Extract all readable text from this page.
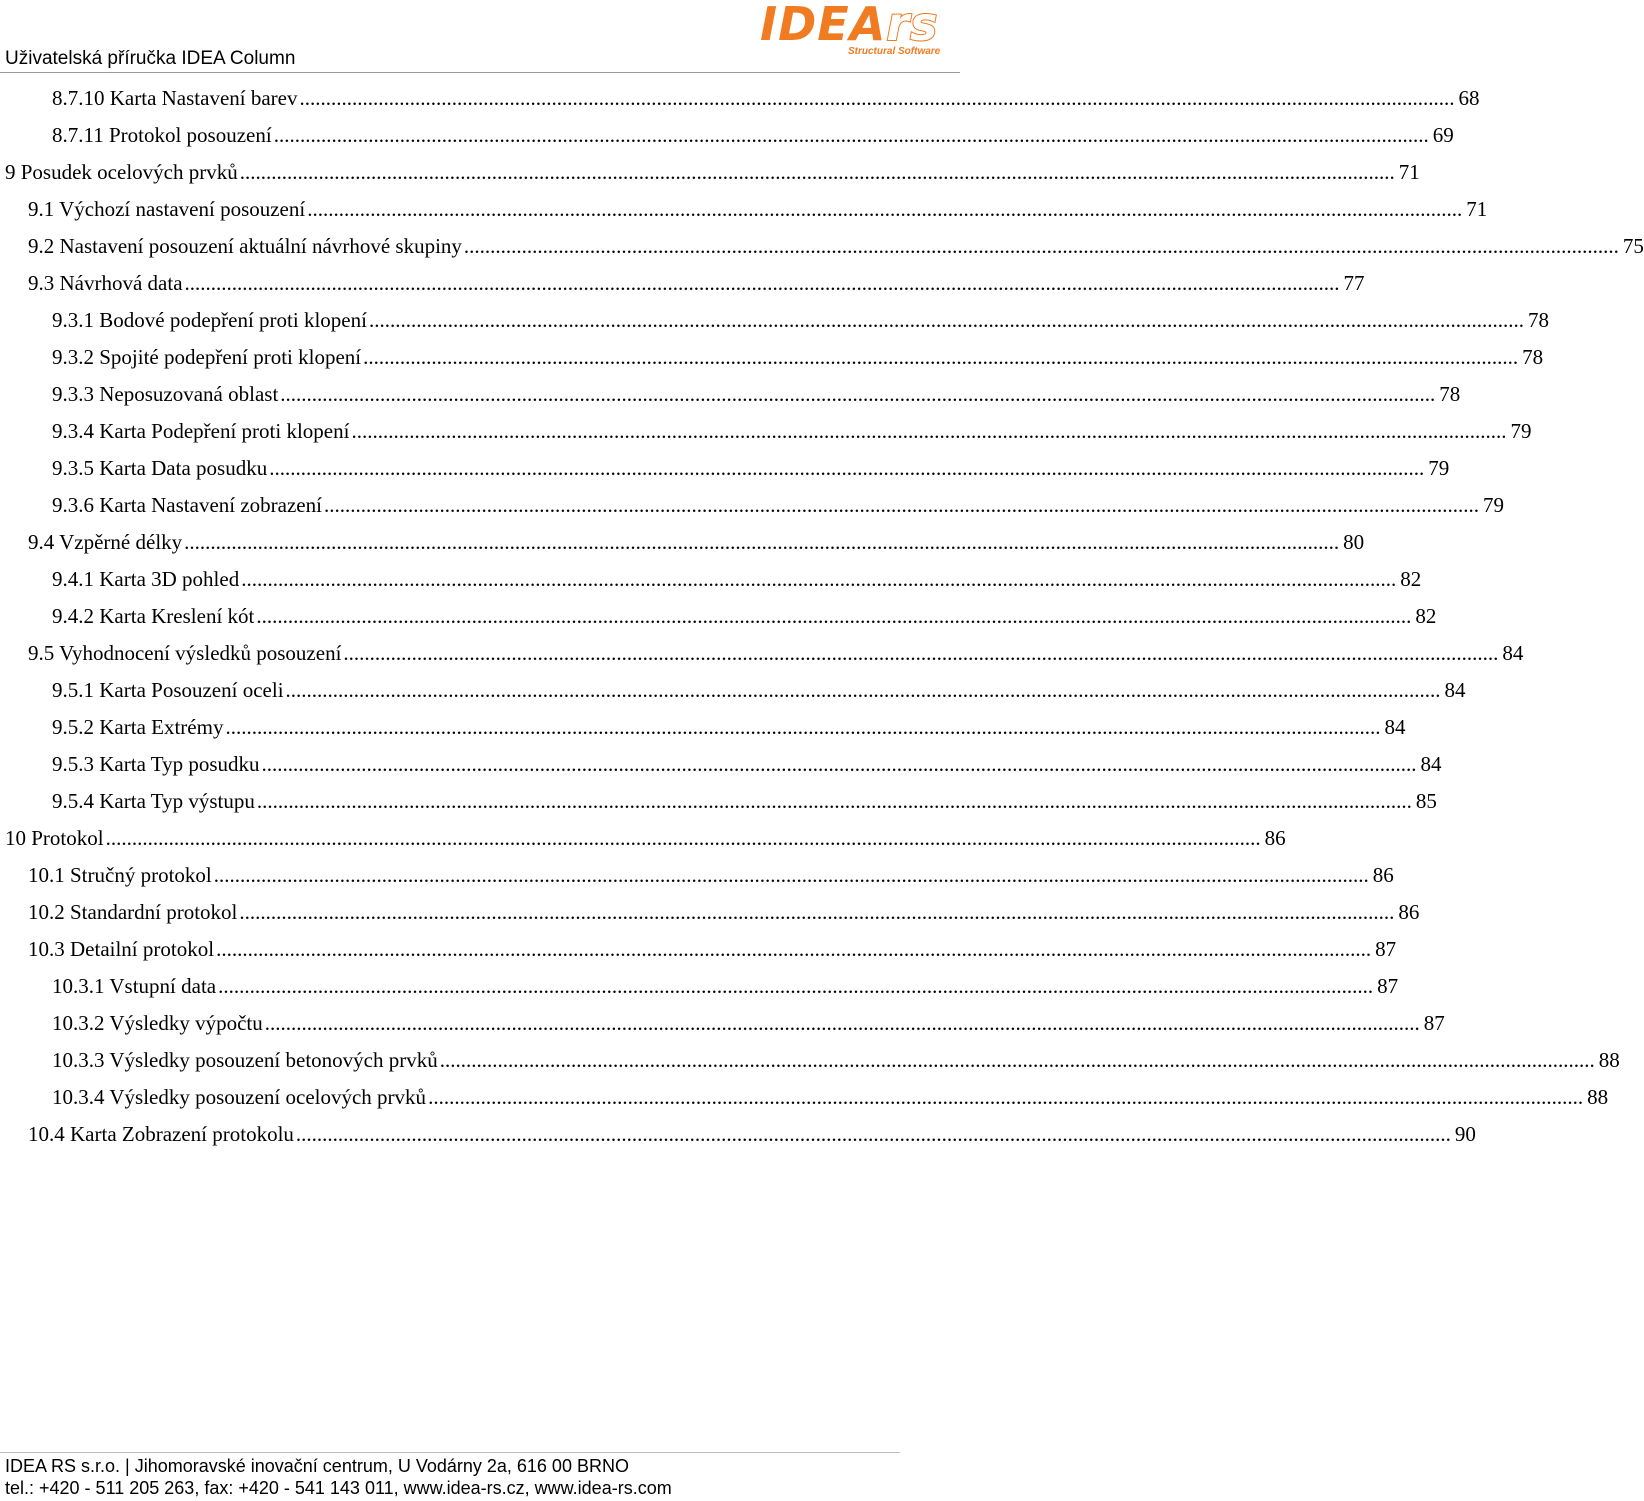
Uživatelská příručka IDEA Column
IDEArs
Structural Software
8.7.10 Karta Nastavení barev ............................................................................................................................................................................................................................ 68
8.7.11 Protokol posouzení ............................................................................................................................................................................................................................ 69
9 Posudek ocelových prvků ............................................................................................................................................................................................................................ 71
9.1 Výchozí nastavení posouzení ............................................................................................................................................................................................................................ 71
9.2 Nastavení posouzení aktuální návrhové skupiny ............................................................................................................................................................................................................................ 75
9.3 Návrhová data ............................................................................................................................................................................................................................ 77
9.3.1 Bodové podepření proti klopení ............................................................................................................................................................................................................................ 78
9.3.2 Spojité podepření proti klopení ............................................................................................................................................................................................................................ 78
9.3.3 Neposuzovaná oblast ............................................................................................................................................................................................................................ 78
9.3.4 Karta Podepření proti klopení ............................................................................................................................................................................................................................ 79
9.3.5 Karta Data posudku ............................................................................................................................................................................................................................ 79
9.3.6 Karta Nastavení zobrazení ............................................................................................................................................................................................................................ 79
9.4 Vzpěrné délky ............................................................................................................................................................................................................................ 80
9.4.1 Karta 3D pohled ............................................................................................................................................................................................................................ 82
9.4.2 Karta Kreslení kót ............................................................................................................................................................................................................................ 82
9.5 Vyhodnocení výsledků posouzení ............................................................................................................................................................................................................................ 84
9.5.1 Karta Posouzení oceli ............................................................................................................................................................................................................................ 84
9.5.2 Karta Extrémy ............................................................................................................................................................................................................................ 84
9.5.3 Karta Typ posudku ............................................................................................................................................................................................................................ 84
9.5.4 Karta Typ výstupu ............................................................................................................................................................................................................................ 85
10 Protokol ............................................................................................................................................................................................................................ 86
10.1 Stručný protokol ............................................................................................................................................................................................................................ 86
10.2 Standardní protokol ............................................................................................................................................................................................................................ 86
10.3 Detailní protokol ............................................................................................................................................................................................................................ 87
10.3.1 Vstupní data ............................................................................................................................................................................................................................ 87
10.3.2 Výsledky výpočtu ............................................................................................................................................................................................................................ 87
10.3.3 Výsledky posouzení betonových prvků ............................................................................................................................................................................................................................ 88
10.3.4 Výsledky posouzení ocelových prvků ............................................................................................................................................................................................................................ 88
10.4 Karta Zobrazení protokolu ............................................................................................................................................................................................................................ 90
IDEA RS s.r.o. | Jihomoravské inovační centrum, U Vodárny 2a, 616 00 BRNO
tel.: +420 - 511 205 263, fax: +420 - 541 143 011, www.idea-rs.cz, www.idea-rs.com
